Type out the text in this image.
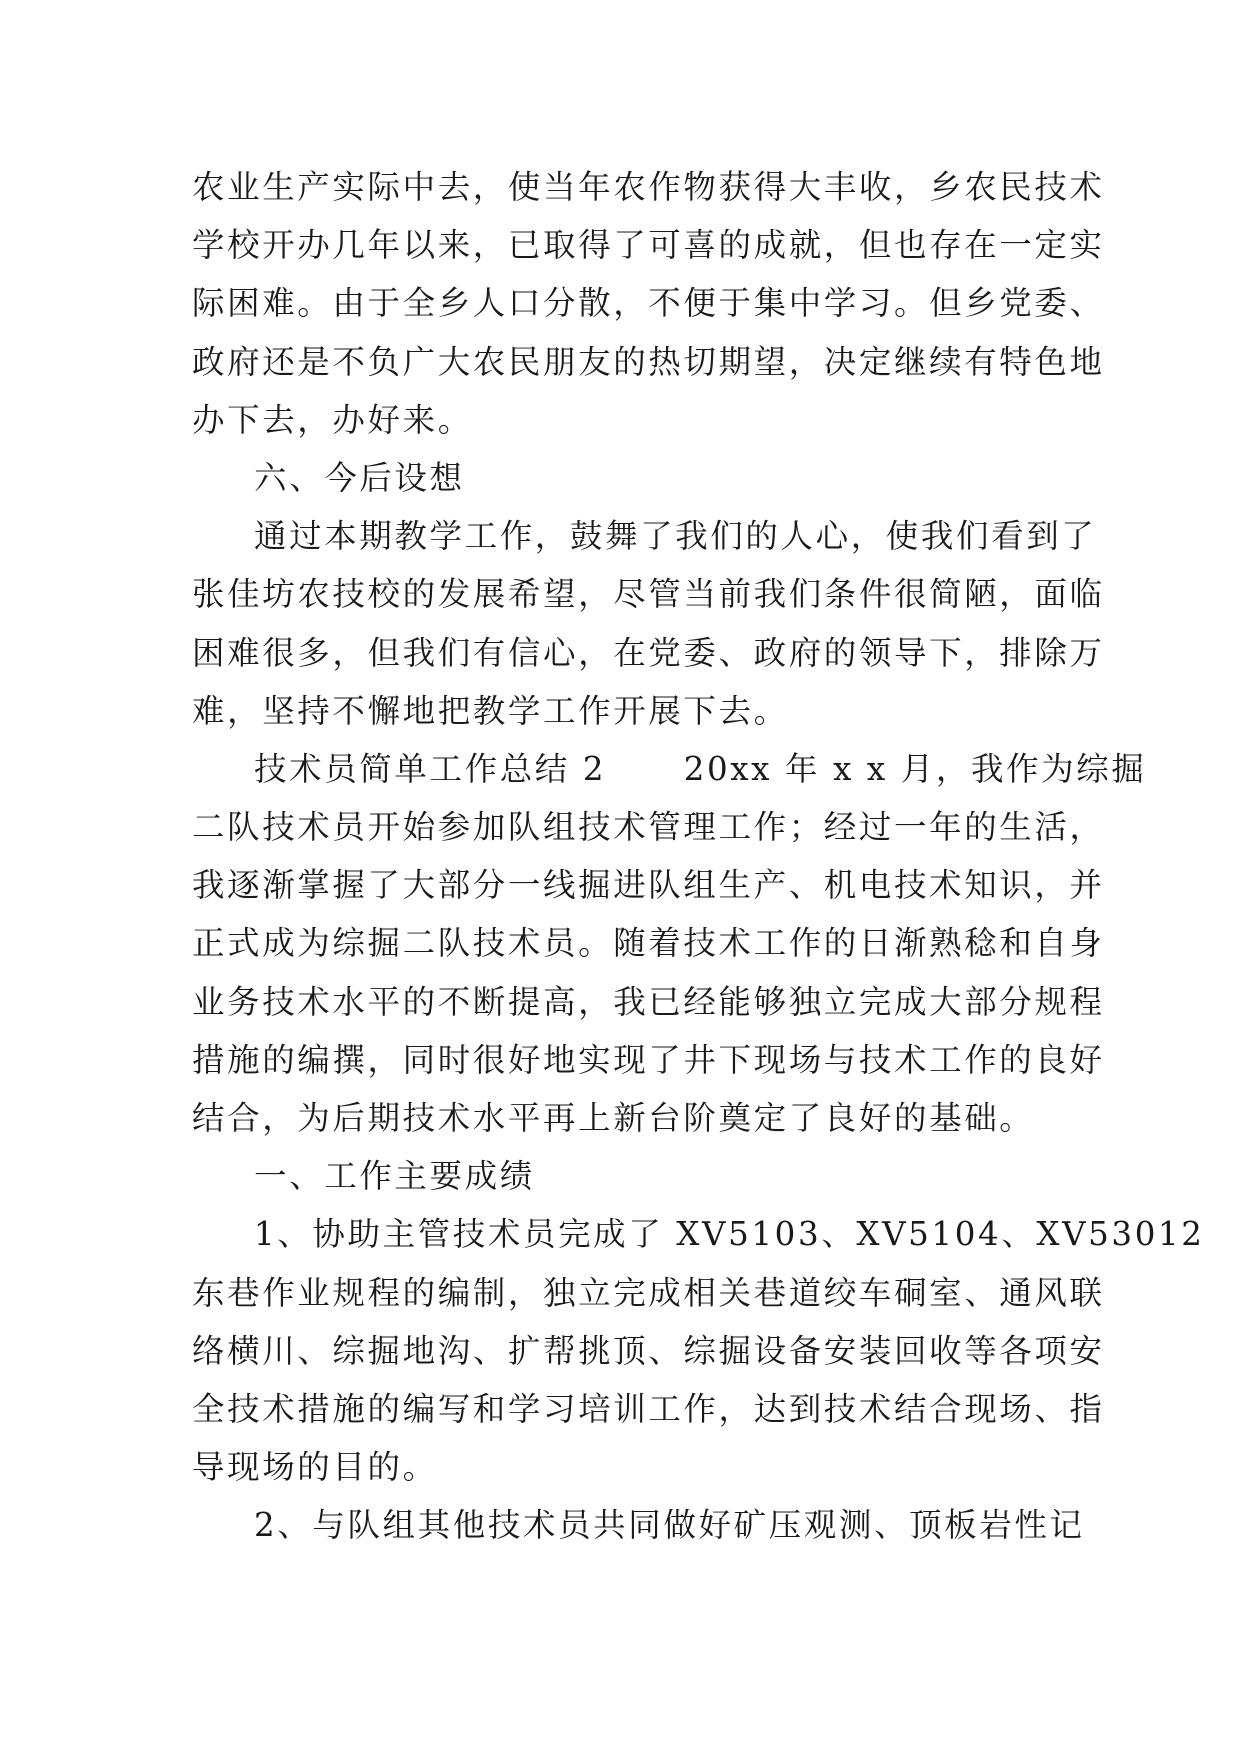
农业生产实际中去，使当年农作物获得大丰收，乡农民技术
学校开办几年以来，已取得了可喜的成就，但也存在一定实
际困难。由于全乡人口分散，不便于集中学习。但乡党委、
政府还是不负广大农民朋友的热切期望，决定继续有特色地
办下去，办好来。
六、今后设想
通过本期教学工作，鼓舞了我们的人心，使我们看到了
张佳坊农技校的发展希望，尽管当前我们条件很简陋，面临
困难很多，但我们有信心，在党委、政府的领导下，排除万
难，坚持不懈地把教学工作开展下去。
技术员简单工作总结 2      20xx 年 x x 月，我作为综掘
二队技术员开始参加队组技术管理工作；经过一年的生活，
我逐渐掌握了大部分一线掘进队组生产、机电技术知识，并
正式成为综掘二队技术员。随着技术工作的日渐熟稔和自身
业务技术水平的不断提高，我已经能够独立完成大部分规程
措施的编撰，同时很好地实现了井下现场与技术工作的良好
结合，为后期技术水平再上新台阶奠定了良好的基础。
一、工作主要成绩
1、协助主管技术员完成了 XV5103、XV5104、XV53012
东巷作业规程的编制，独立完成相关巷道绞车硐室、通风联
络横川、综掘地沟、扩帮挑顶、综掘设备安装回收等各项安
全技术措施的编写和学习培训工作，达到技术结合现场、指
导现场的目的。
2、与队组其他技术员共同做好矿压观测、顶板岩性记
